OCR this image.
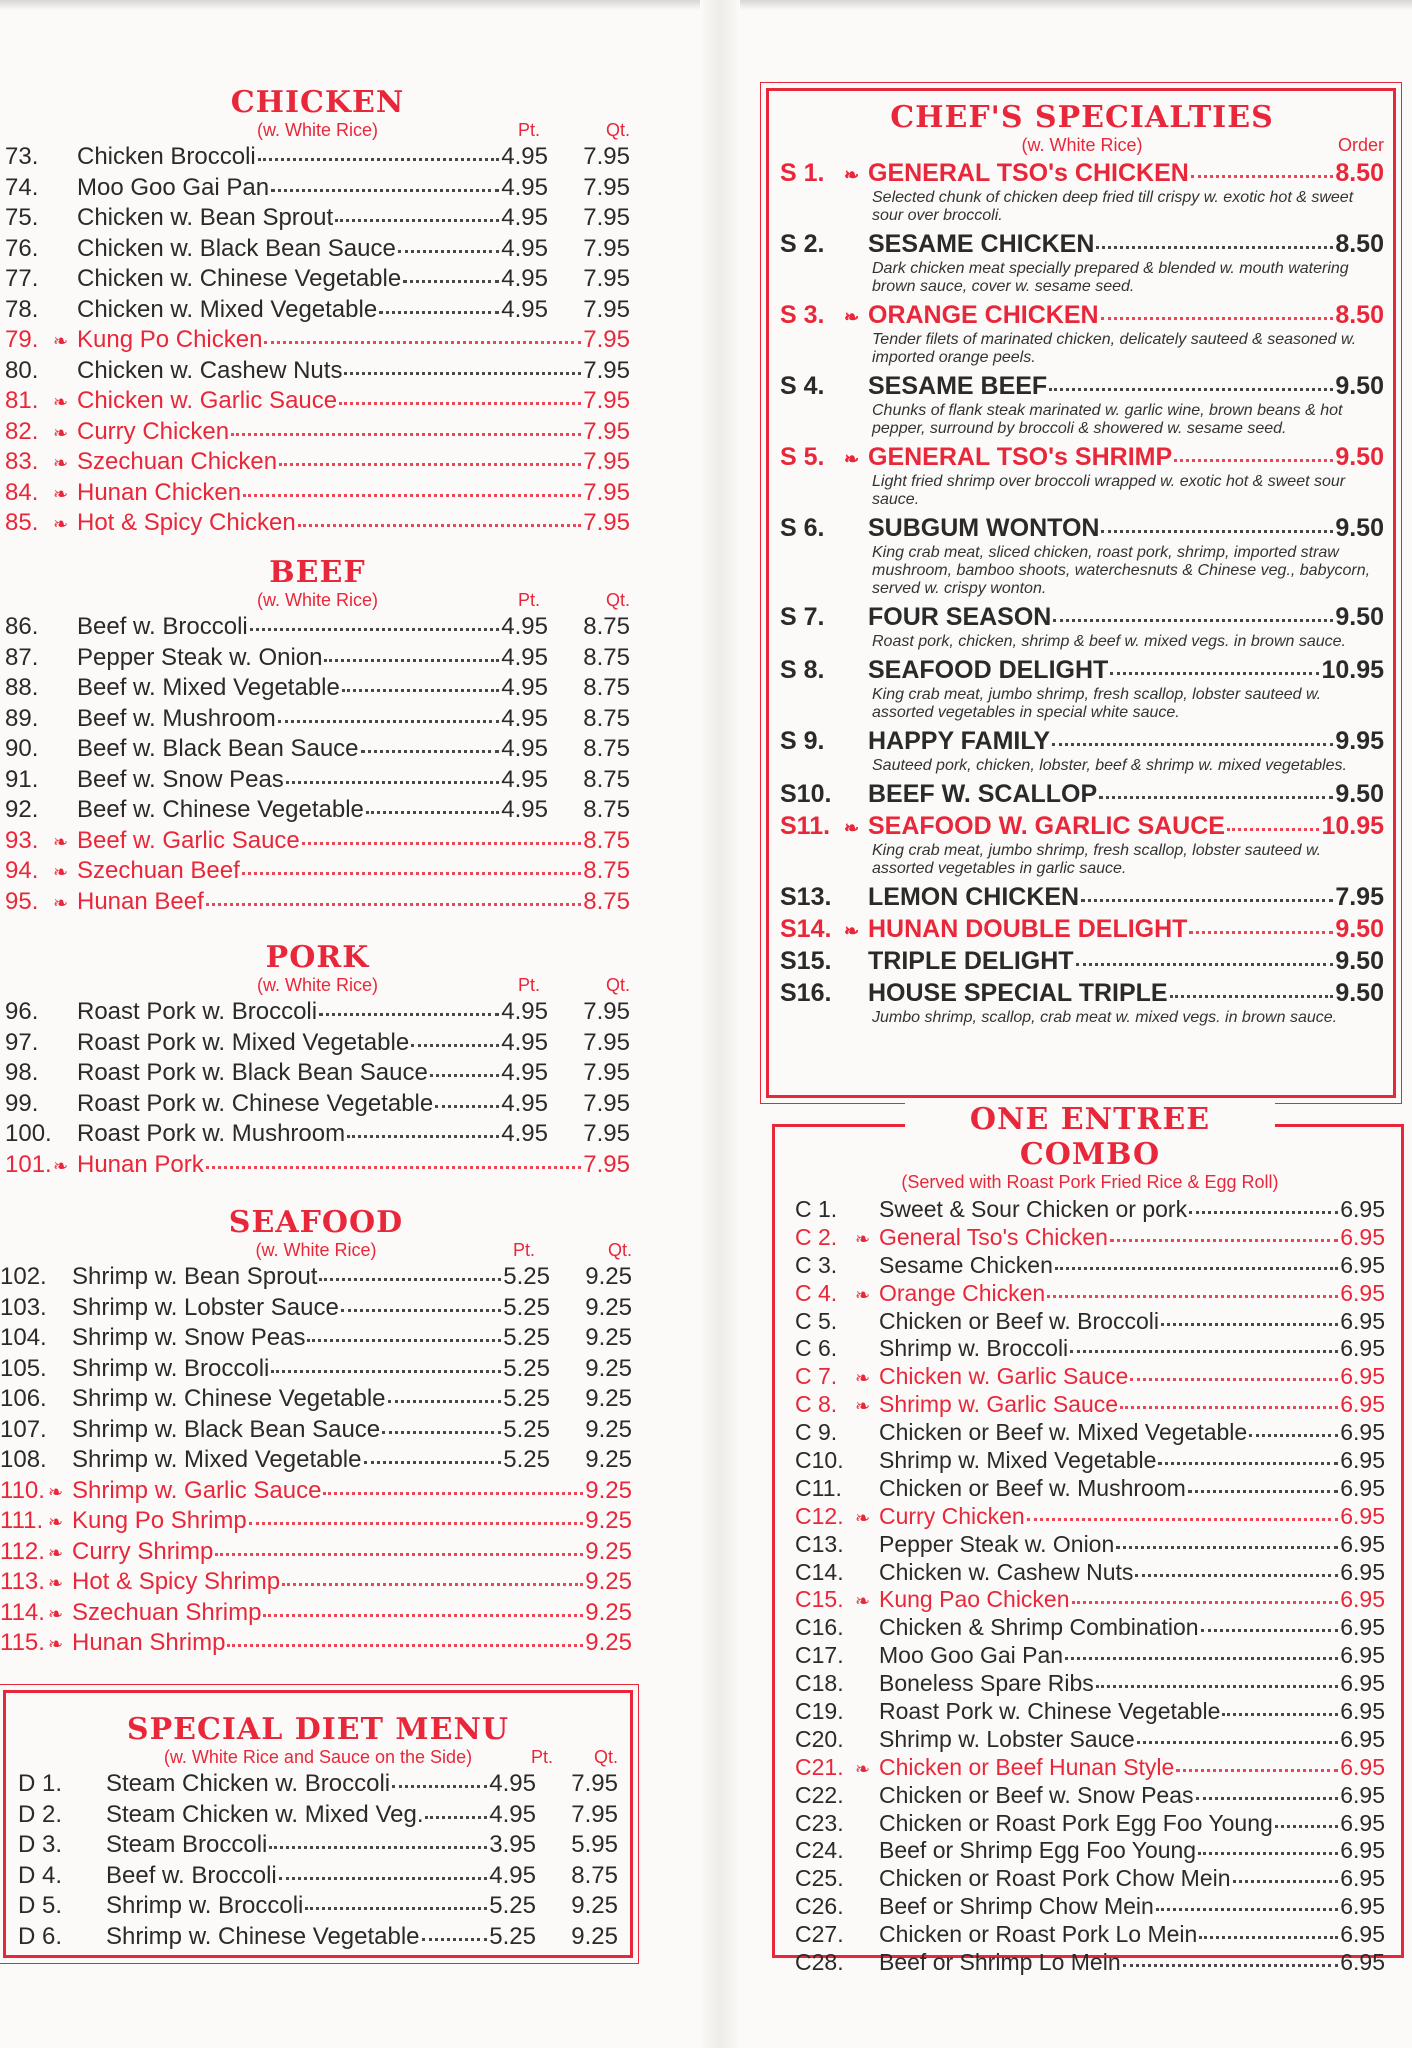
CHICKEN
(w. White Rice)	Pt.	Qt.
73.	Chicken Broccoli	4.95	7.95
74.	Moo Goo Gai Pan	4.95	7.95
75.	Chicken w. Bean Sprout	4.95	7.95
76.	Chicken w. Black Bean Sauce	4.95	7.95
77.	Chicken w. Chinese Vegetable	4.95	7.95
78.	Chicken w. Mixed Vegetable	4.95	7.95
79. ❧ Kung Po Chicken	7.95
80.	Chicken w. Cashew Nuts	7.95
81. ❧ Chicken w. Garlic Sauce	7.95
82. ❧ Curry Chicken	7.95
83. ❧ Szechuan Chicken	7.95
84. ❧ Hunan Chicken	7.95
85. ❧ Hot & Spicy Chicken	7.95
BEEF
(w. White Rice)	Pt.	Qt.
86.	Beef w. Broccoli	4.95	8.75
87.	Pepper Steak w. Onion	4.95	8.75
88.	Beef w. Mixed Vegetable	4.95	8.75
89.	Beef w. Mushroom	4.95	8.75
90.	Beef w. Black Bean Sauce	4.95	8.75
91.	Beef w. Snow Peas	4.95	8.75
92.	Beef w. Chinese Vegetable	4.95	8.75
93. ❧ Beef w. Garlic Sauce	8.75
94. ❧ Szechuan Beef	8.75
95. ❧ Hunan Beef	8.75
PORK
(w. White Rice)	Pt.	Qt.
96.	Roast Pork w. Broccoli	4.95	7.95
97.	Roast Pork w. Mixed Vegetable	4.95	7.95
98.	Roast Pork w. Black Bean Sauce	4.95	7.95
99.	Roast Pork w. Chinese Vegetable	4.95	7.95
100.	Roast Pork w. Mushroom	4.95	7.95
101. ❧ Hunan Pork	7.95
SEAFOOD
(w. White Rice)	Pt.	Qt.
102.	Shrimp w. Bean Sprout	5.25	9.25
103.	Shrimp w. Lobster Sauce	5.25	9.25
104.	Shrimp w. Snow Peas	5.25	9.25
105.	Shrimp w. Broccoli	5.25	9.25
106.	Shrimp w. Chinese Vegetable	5.25	9.25
107.	Shrimp w. Black Bean Sauce	5.25	9.25
108.	Shrimp w. Mixed Vegetable	5.25	9.25
110. ❧ Shrimp w. Garlic Sauce	9.25
111. ❧ Kung Po Shrimp	9.25
112. ❧ Curry Shrimp	9.25
113. ❧ Hot & Spicy Shrimp	9.25
114. ❧ Szechuan Shrimp	9.25
115. ❧ Hunan Shrimp	9.25
SPECIAL DIET MENU
(w. White Rice and Sauce on the Side)	Pt. Qt.
D 1.	Steam Chicken w. Broccoli	4.95	7.95
D 2.	Steam Chicken w. Mixed Veg.	4.95	7.95
D 3.	Steam Broccoli	3.95	5.95
D 4.	Beef w. Broccoli	4.95	8.75
D 5.	Shrimp w. Broccoli	5.25	9.25
D 6.	Shrimp w. Chinese Vegetable	5.25	9.25
CHEF'S SPECIALTIES
(w. White Rice)	Order
S 1.	❧ GENERAL TSO's CHICKEN	8.50
Selected chunk of chicken deep fried till crispy w. exotic hot & sweet sour over broccoli.
S 2.	SESAME CHICKEN	8.50
Dark chicken meat specially prepared & blended w. mouth watering brown sauce, cover w. sesame seed.
S 3.	❧ ORANGE CHICKEN	8.50
Tender filets of marinated chicken, delicately sauteed & seasoned w. imported orange peels.
S 4.	SESAME BEEF	9.50
Chunks of flank steak marinated w. garlic wine, brown beans & hot pepper, surround by broccoli & showered w. sesame seed.
S 5.	❧ GENERAL TSO's SHRIMP	9.50
Light fried shrimp over broccoli wrapped w. exotic hot & sweet sour sauce.
S 6.	SUBGUM WONTON	9.50
King crab meat, sliced chicken, roast pork, shrimp, imported straw mushroom, bamboo shoots, waterchesnuts & Chinese veg., babycorn, served w. crispy wonton.
S 7.	FOUR SEASON	9.50
Roast pork, chicken, shrimp & beef w. mixed vegs. in brown sauce.
S 8.	SEAFOOD DELIGHT	10.95
King crab meat, jumbo shrimp, fresh scallop, lobster sauteed w. assorted vegetables in special white sauce.
S 9.	HAPPY FAMILY	9.95
Sauteed pork, chicken, lobster, beef & shrimp w. mixed vegetables.
S10.	BEEF W. SCALLOP	9.50
S11. ❧ SEAFOOD W. GARLIC SAUCE	10.95
King crab meat, jumbo shrimp, fresh scallop, lobster sauteed w. assorted vegetables in garlic sauce.
S13.	LEMON CHICKEN	7.95
S14. ❧ HUNAN DOUBLE DELIGHT	9.50
S15.	TRIPLE DELIGHT	9.50
S16.	HOUSE SPECIAL TRIPLE	9.50
Jumbo shrimp, scallop, crab meat w. mixed vegs. in brown sauce.
ONE ENTREE COMBO
(Served with Roast Pork Fried Rice & Egg Roll)
C 1.	Sweet & Sour Chicken or pork	6.95
C 2. ❧ General Tso's Chicken	6.95
C 3.	Sesame Chicken	6.95
C 4. ❧ Orange Chicken	6.95
C 5.	Chicken or Beef w. Broccoli	6.95
C 6.	Shrimp w. Broccoli	6.95
C 7. ❧ Chicken w. Garlic Sauce	6.95
C 8. ❧ Shrimp w. Garlic Sauce	6.95
C 9.	Chicken or Beef w. Mixed Vegetable	6.95
C10.	Shrimp w. Mixed Vegetable	6.95
C11.	Chicken or Beef w. Mushroom	6.95
C12. ❧ Curry Chicken	6.95
C13.	Pepper Steak w. Onion	6.95
C14.	Chicken w. Cashew Nuts	6.95
C15. ❧ Kung Pao Chicken	6.95
C16.	Chicken & Shrimp Combination	6.95
C17.	Moo Goo Gai Pan	6.95
C18.	Boneless Spare Ribs	6.95
C19.	Roast Pork w. Chinese Vegetable	6.95
C20.	Shrimp w. Lobster Sauce	6.95
C21. ❧ Chicken or Beef Hunan Style	6.95
C22.	Chicken or Beef w. Snow Peas	6.95
C23.	Chicken or Roast Pork Egg Foo Young	6.95
C24.	Beef or Shrimp Egg Foo Young	6.95
C25.	Chicken or Roast Pork Chow Mein	6.95
C26.	Beef or Shrimp Chow Mein	6.95
C27.	Chicken or Roast Pork Lo Mein	6.95
C28.	Beef or Shrimp Lo Mein	6.95
